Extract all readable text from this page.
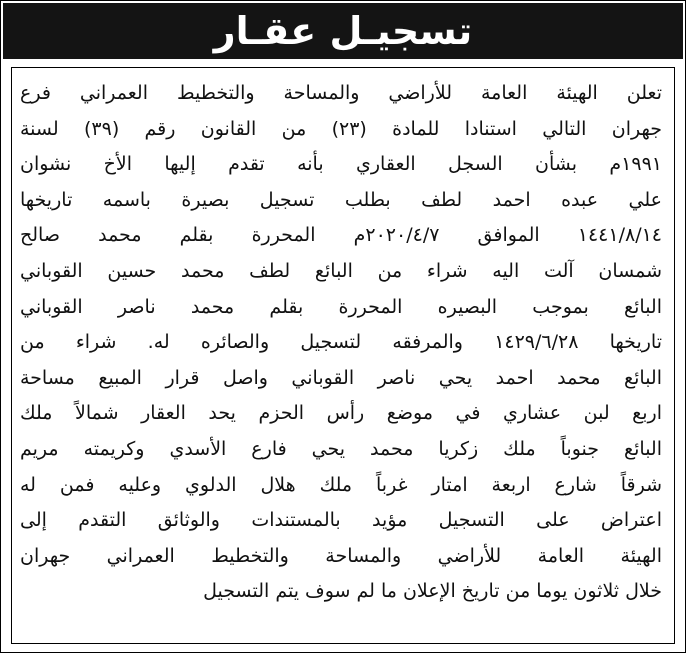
تسجيـل عقـار
تعلن الهيئة العامة للأراضي والمساحة والتخطيط العمراني فرع
جهران التالي استنادا للمادة (٢٣) من القانون رقم (٣٩) لسنة
١٩٩١م بشأن السجل العقاري بأنه تقدم إليها الأخ نشوان
علي عبده احمد لطف بطلب تسجيل بصيرة باسمه تاريخها
١٤٤١/٨/١٤ الموافق ٢٠٢٠/٤/٧م المحررة بقلم محمد صالح
شمسان آلت اليه شراء من البائع لطف محمد حسين القوباني
البائع بموجب البصيره المحررة بقلم محمد ناصر القوباني
تاريخها ١٤٢٩/٦/٢٨ والمرفقه لتسجيل والصائره له. شراء من
البائع محمد احمد يحي ناصر القوباني واصل قرار المبيع مساحة
اربع لبن عشاري في موضع رأس الحزم يحد العقار شمالاً ملك
البائع جنوباً ملك زكريا محمد يحي فارع الأسدي وكريمته مريم
شرقاً شارع اربعة امتار غرباً ملك هلال الدلوي وعليه فمن له
اعتراض على التسجيل مؤيد بالمستندات والوثائق التقدم إلى
الهيئة العامة للأراضي والمساحة والتخطيط العمراني جهران
خلال ثلاثون يوما من تاريخ الإعلان ما لم سوف يتم التسجيل
